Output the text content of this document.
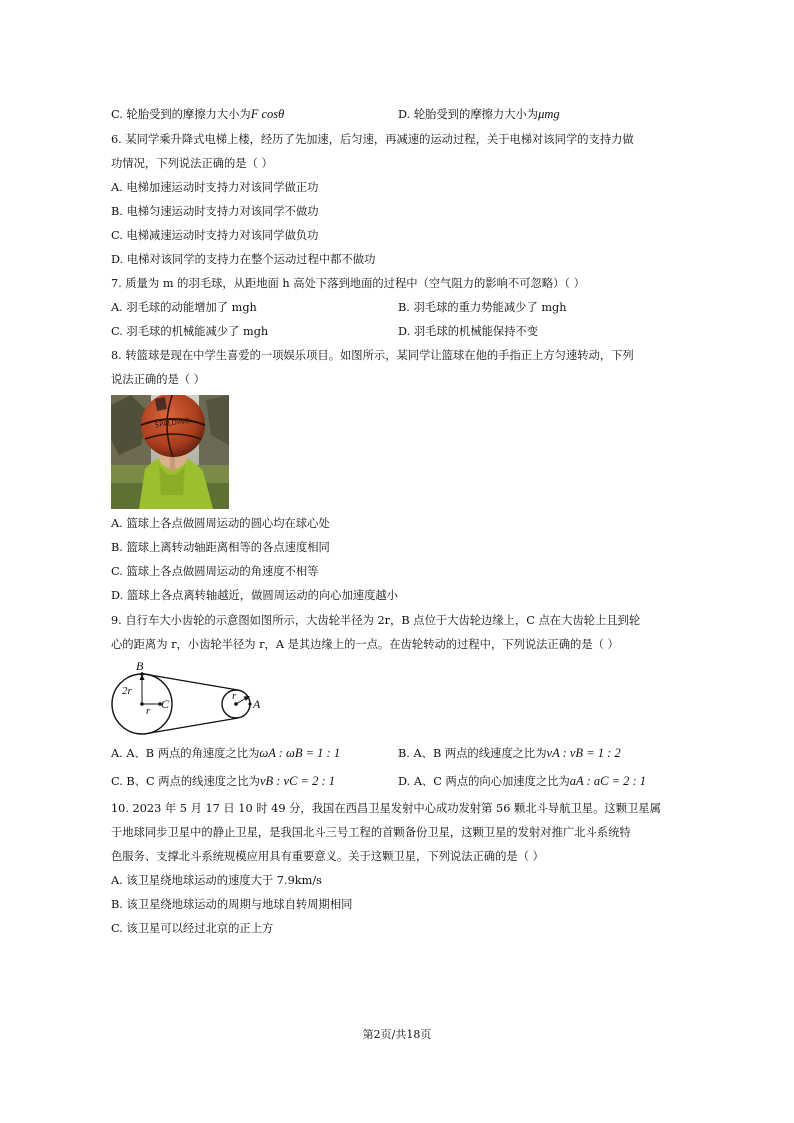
C. 轮胎受到的摩擦力大小为F cosθ	D. 轮胎受到的摩擦力大小为μmg
6. 某同学乘升降式电梯上楼，经历了先加速，后匀速，再减速的运动过程，关于电梯对该同学的支持力做
功情况，下列说法正确的是（ ）
A. 电梯加速运动时支持力对该同学做正功
B. 电梯匀速运动时支持力对该同学不做功
C. 电梯减速运动时支持力对该同学做负功
D. 电梯对该同学的支持力在整个运动过程中都不做功
7. 质量为 m 的羽毛球，从距地面 h 高处下落到地面的过程中（空气阻力的影响不可忽略）（ ）
A. 羽毛球的动能增加了 mgh	B. 羽毛球的重力势能减少了 mgh
C. 羽毛球的机械能减少了 mgh	D. 羽毛球的机械能保持不变
8. 转篮球是现在中学生喜爱的一项娱乐项目。如图所示，某同学让篮球在他的手指正上方匀速转动，下列
说法正确的是（ ）
SPALDING
A. 篮球上各点做圆周运动的圆心均在球心处
B. 篮球上离转动轴距离相等的各点速度相同
C. 篮球上各点做圆周运动的角速度不相等
D. 篮球上各点离转轴越近，做圆周运动的向心加速度越小
9. 自行车大小齿轮的示意图如图所示，大齿轮半径为 2r，B 点位于大齿轮边缘上，C 点在大齿轮上且到轮
心的距离为 r，小齿轮半径为 r，A 是其边缘上的一点。在齿轮转动的过程中，下列说法正确的是（ ）
B
2r
r C
r
A
A. A、B 两点的角速度之比为ωA : ωB = 1 : 1	B. A、B 两点的线速度之比为vA : vB = 1 : 2
C. B、C 两点的线速度之比为vB : vC = 2 : 1	D. A、C 两点的向心加速度之比为aA : aC = 2 : 1
10. 2023 年 5 月 17 日 10 时 49 分，我国在西昌卫星发射中心成功发射第 56 颗北斗导航卫星。这颗卫星属
于地球同步卫星中的静止卫星，是我国北斗三号工程的首颗备份卫星，这颗卫星的发射对推广北斗系统特
色服务、支撑北斗系统规模应用具有重要意义。关于这颗卫星，下列说法正确的是（ ）
A. 该卫星绕地球运动的速度大于 7.9km/s
B. 该卫星绕地球运动的周期与地球自转周期相同
C. 该卫星可以经过北京的正上方
第2页/共18页
